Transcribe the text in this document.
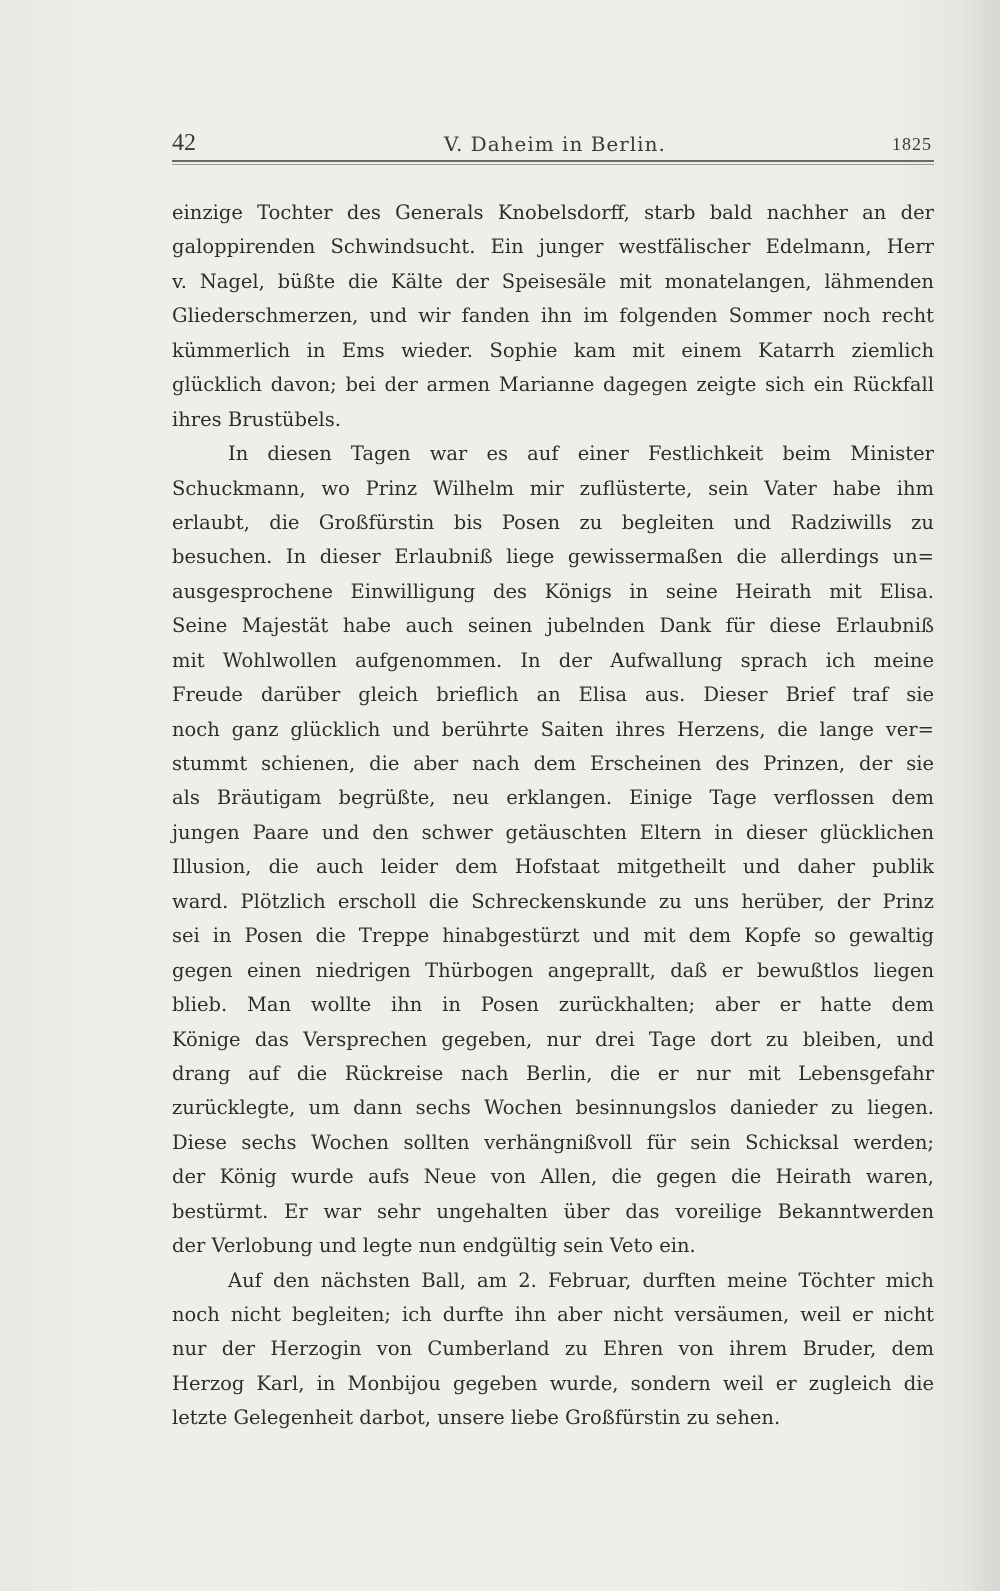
42	V. Daheim in Berlin.	1825
einzige Tochter des Generals Knobelsdorff, starb bald nachher an der
galoppirenden Schwindsucht. Ein junger westfälischer Edelmann, Herr
v. Nagel, büßte die Kälte der Speisesäle mit monatelangen, lähmenden
Gliederschmerzen, und wir fanden ihn im folgenden Sommer noch recht
kümmerlich in Ems wieder. Sophie kam mit einem Katarrh ziemlich
glücklich davon; bei der armen Marianne dagegen zeigte sich ein Rückfall
ihres Brustübels.
In diesen Tagen war es auf einer Festlichkeit beim Minister
Schuckmann, wo Prinz Wilhelm mir zuflüsterte, sein Vater habe ihm
erlaubt, die Großfürstin bis Posen zu begleiten und Radziwills zu
besuchen. In dieser Erlaubniß liege gewissermaßen die allerdings un=
ausgesprochene Einwilligung des Königs in seine Heirath mit Elisa.
Seine Majestät habe auch seinen jubelnden Dank für diese Erlaubniß
mit Wohlwollen aufgenommen. In der Aufwallung sprach ich meine
Freude darüber gleich brieflich an Elisa aus. Dieser Brief traf sie
noch ganz glücklich und berührte Saiten ihres Herzens, die lange ver=
stummt schienen, die aber nach dem Erscheinen des Prinzen, der sie
als Bräutigam begrüßte, neu erklangen. Einige Tage verflossen dem
jungen Paare und den schwer getäuschten Eltern in dieser glücklichen
Illusion, die auch leider dem Hofstaat mitgetheilt und daher publik
ward. Plötzlich erscholl die Schreckenskunde zu uns herüber, der Prinz
sei in Posen die Treppe hinabgestürzt und mit dem Kopfe so gewaltig
gegen einen niedrigen Thürbogen angeprallt, daß er bewußtlos liegen
blieb. Man wollte ihn in Posen zurückhalten; aber er hatte dem
Könige das Versprechen gegeben, nur drei Tage dort zu bleiben, und
drang auf die Rückreise nach Berlin, die er nur mit Lebensgefahr
zurücklegte, um dann sechs Wochen besinnungslos danieder zu liegen.
Diese sechs Wochen sollten verhängnißvoll für sein Schicksal werden;
der König wurde aufs Neue von Allen, die gegen die Heirath waren,
bestürmt. Er war sehr ungehalten über das voreilige Bekanntwerden
der Verlobung und legte nun endgültig sein Veto ein.
Auf den nächsten Ball, am 2. Februar, durften meine Töchter mich
noch nicht begleiten; ich durfte ihn aber nicht versäumen, weil er nicht
nur der Herzogin von Cumberland zu Ehren von ihrem Bruder, dem
Herzog Karl, in Monbijou gegeben wurde, sondern weil er zugleich die
letzte Gelegenheit darbot, unsere liebe Großfürstin zu sehen.
